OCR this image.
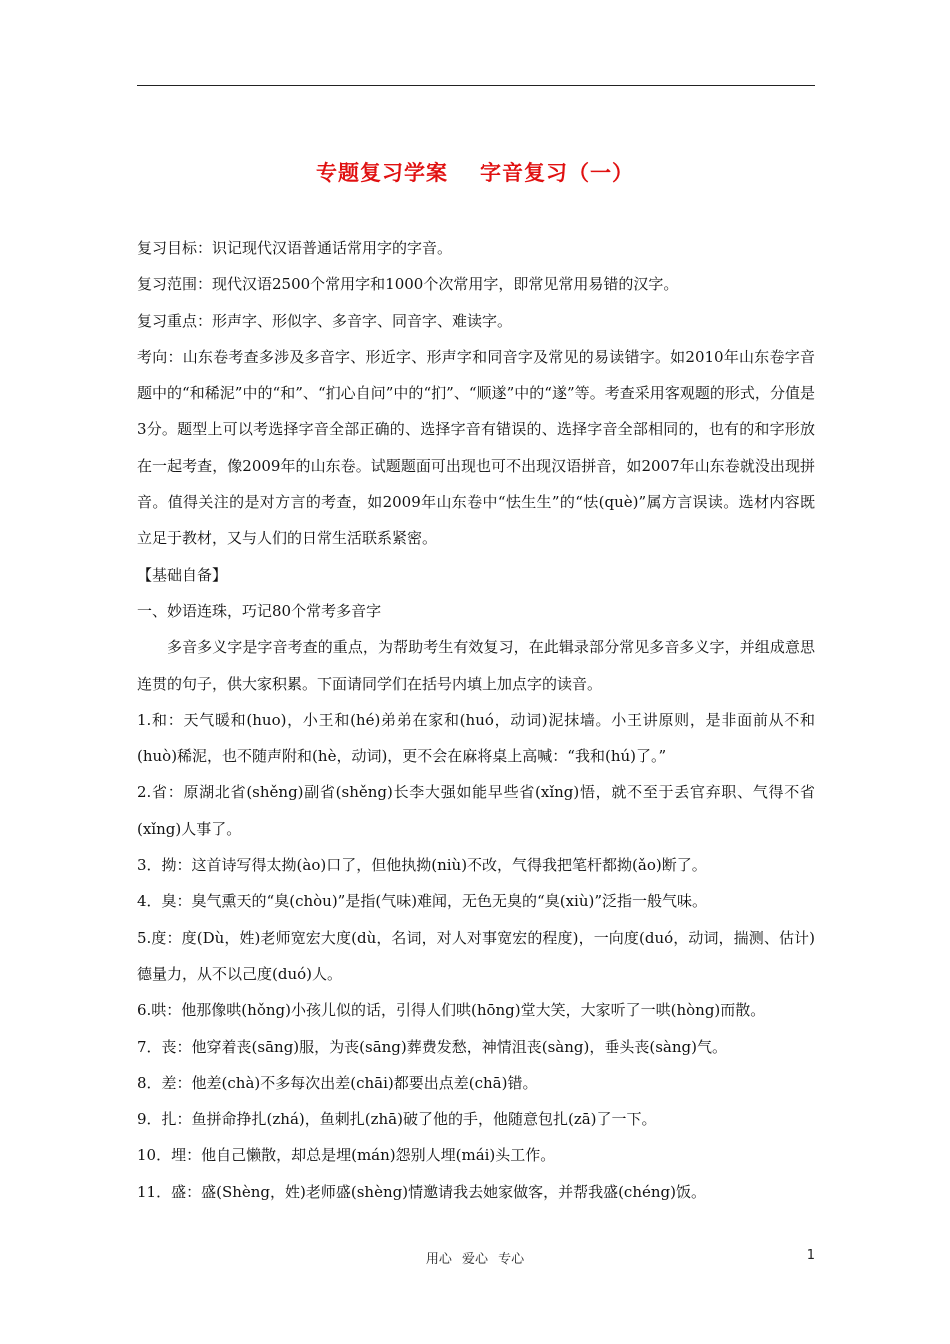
专题复习学案 字音复习（一）

复习目标：识记现代汉语普通话常用字的字音。

复习范围：现代汉语2500个常用字和1000个次常用字，即常见常用易错的汉字。

复习重点：形声字、形似字、多音字、同音字、难读字。

考向：山东卷考查多涉及多音字、形近字、形声字和同音字及常见的易读错字。如2010年山东卷字音题中的“和稀泥”中的“和”、“扪心自问”中的“扪”、“顺遂”中的“遂”等。考查采用客观题的形式，分值是3分。题型上可以考选择字音全部正确的、选择字音有错误的、选择字音全部相同的，也有的和字形放在一起考查，像2009年的山东卷。试题题面可出现也可不出现汉语拼音，如2007年山东卷就没出现拼音。值得关注的是对方言的考查，如2009年山东卷中“怯生生”的“怯(què)”属方言误读。选材内容既立足于教材，又与人们的日常生活联系紧密。

【基础自备】

一、妙语连珠，巧记80个常考多音字

多音多义字是字音考查的重点，为帮助考生有效复习，在此辑录部分常见多音多义字，并组成意思连贯的句子，供大家积累。下面请同学们在括号内填上加点字的读音。

1.和：天气暖和(huo)，小王和(hé)弟弟在家和(huó，动词)泥抹墙。小王讲原则，是非面前从不和(huò)稀泥，也不随声附和(hè，动词)，更不会在麻将桌上高喊：“我和(hú)了。”

2.省：原湖北省(shěng)副省(shěng)长李大强如能早些省(xǐng)悟，就不至于丢官弃职、气得不省(xǐng)人事了。

3．拗：这首诗写得太拗(ào)口了，但他执拗(niù)不改，气得我把笔杆都拗(ǎo)断了。

4．臭：臭气熏天的“臭(chòu)”是指(气味)难闻，无色无臭的“臭(xiù)”泛指一般气味。

5.度：度(Dù，姓)老师宽宏大度(dù，名词，对人对事宽宏的程度)，一向度(duó，动词，揣测、估计)德量力，从不以己度(duó)人。

6.哄：他那像哄(hǒng)小孩儿似的话，引得人们哄(hōng)堂大笑，大家听了一哄(hòng)而散。

7．丧：他穿着丧(sāng)服，为丧(sāng)葬费发愁，神情沮丧(sàng)，垂头丧(sàng)气。

8．差：他差(chà)不多每次出差(chāi)都要出点差(chā)错。

9．扎：鱼拼命挣扎(zhá)，鱼刺扎(zhā)破了他的手，他随意包扎(zā)了一下。

10．埋：他自己懒散，却总是埋(mán)怨别人埋(mái)头工作。

11．盛：盛(Shèng，姓)老师盛(shèng)情邀请我去她家做客，并帮我盛(chéng)饭。

用心 爱心 专心	1
